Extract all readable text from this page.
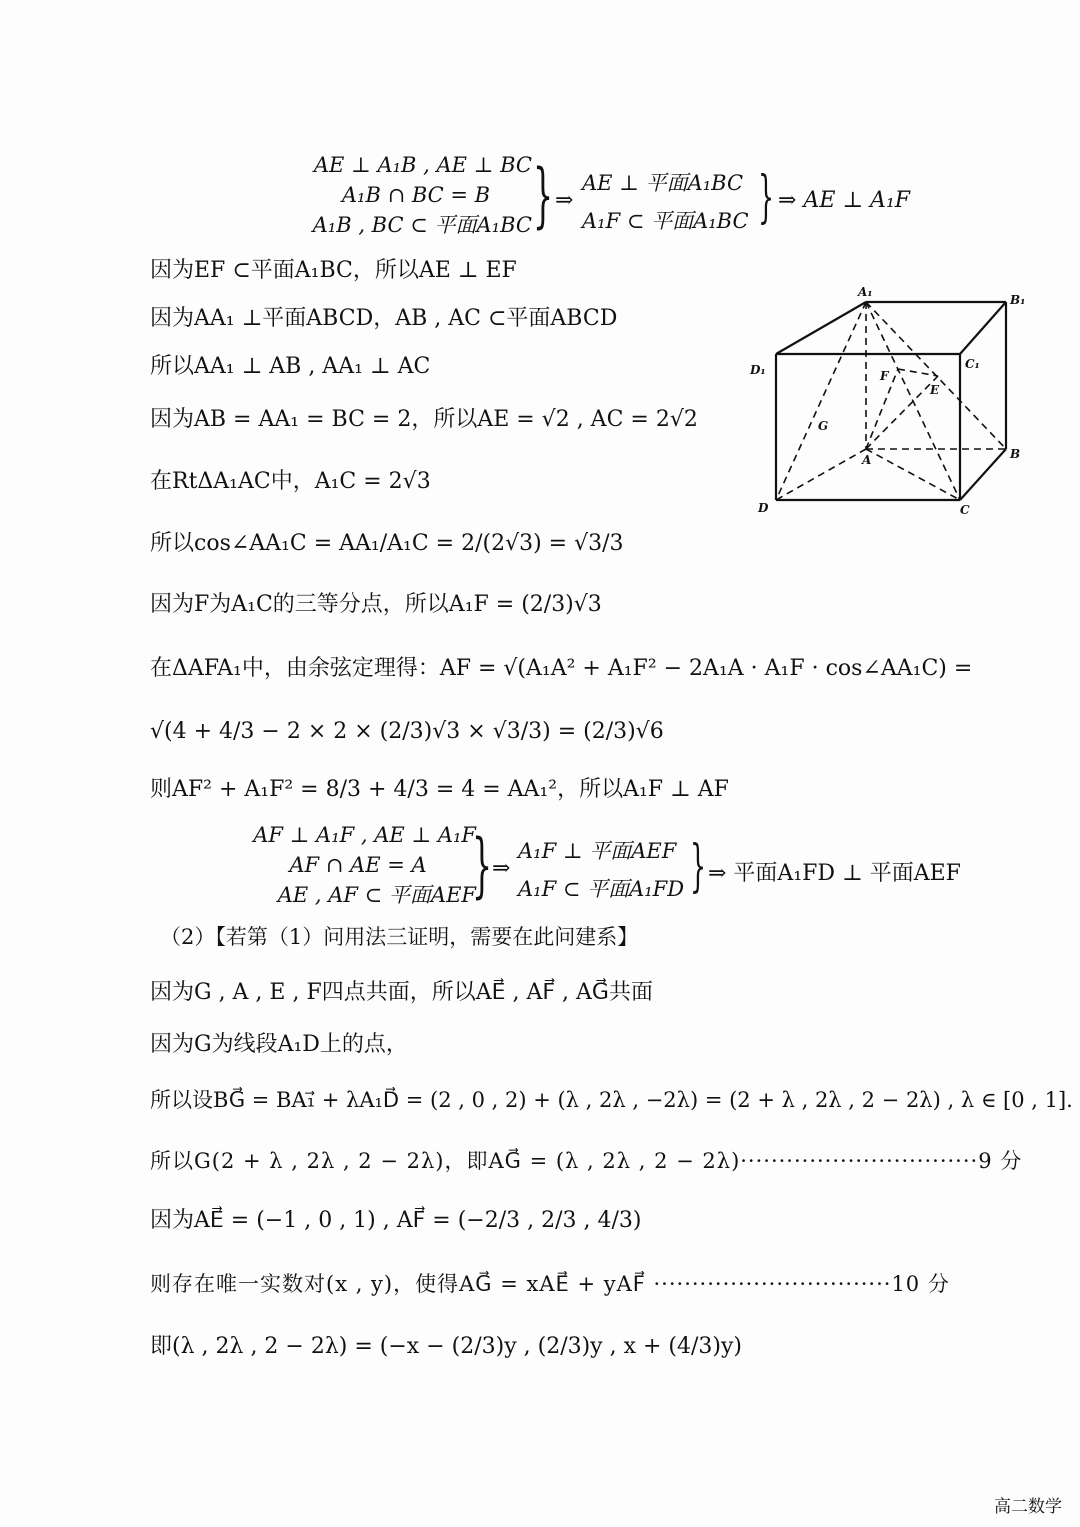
AE ⊥ A₁B , AE ⊥ BC
A₁B ∩ BC = B
A₁B , BC ⊂ 平面A₁BC } ⇒
AE ⊥ 平面A₁BC
A₁F ⊂ 平面A₁BC } ⇒ AE ⊥ A₁F
因为EF ⊂平面A₁BC，所以AE ⊥ EF
因为AA₁ ⊥平面ABCD，AB , AC ⊂平面ABCD
所以AA₁ ⊥ AB , AA₁ ⊥ AC
因为AB = AA₁ = BC = 2，所以AE = √2 , AC = 2√2
在RtΔA₁AC中，A₁C = 2√3
所以cos∠AA₁C = AA₁/A₁C = 2/(2√3) = √3/3
因为F为A₁C的三等分点，所以A₁F = (2/3)√3
在ΔAFA₁中，由余弦定理得：AF = √(A₁A² + A₁F² − 2A₁A · A₁F · cos∠AA₁C) =
√(4 + 4/3 − 2 × 2 × (2/3)√3 × √3/3) = (2/3)√6
则AF² + A₁F² = 8/3 + 4/3 = 4 = AA₁²，所以A₁F ⊥ AF
AF ⊥ A₁F , AE ⊥ A₁F
AF ∩ AE = A
AE , AF ⊂ 平面AEF
} ⇒
A₁F ⊥ 平面AEF
A₁F ⊂ 平面A₁FD } ⇒ 平面A₁FD ⊥ 平面AEF
（2）【若第（1）问用法三证明，需要在此问建系】
因为G , A , E , F四点共面，所以AE⃗ , AF⃗ , AG⃗共面
因为G为线段A₁D上的点，
所以设BG⃗ = BA₁⃗ + λA₁D⃗ = (2 , 0 , 2) + (λ , 2λ , −2λ) = (2 + λ , 2λ , 2 − 2λ) , λ ∈ [0 , 1].
所以G(2 + λ , 2λ , 2 − 2λ)，即AG⃗ = (λ , 2λ , 2 − 2λ)·······························9 分
因为AE⃗ = (−1 , 0 , 1) , AF⃗ = (−2/3 , 2/3 , 4/3)
则存在唯一实数对(x , y)，使得AG⃗ = xAE⃗ + yAF⃗ ·······························10 分
即(λ , 2λ , 2 − 2λ) = (−x − (2/3)y , (2/3)y , x + (4/3)y)
A₁
B₁
C₁
D₁
A	B
C
D
E
F
G
高二数学
